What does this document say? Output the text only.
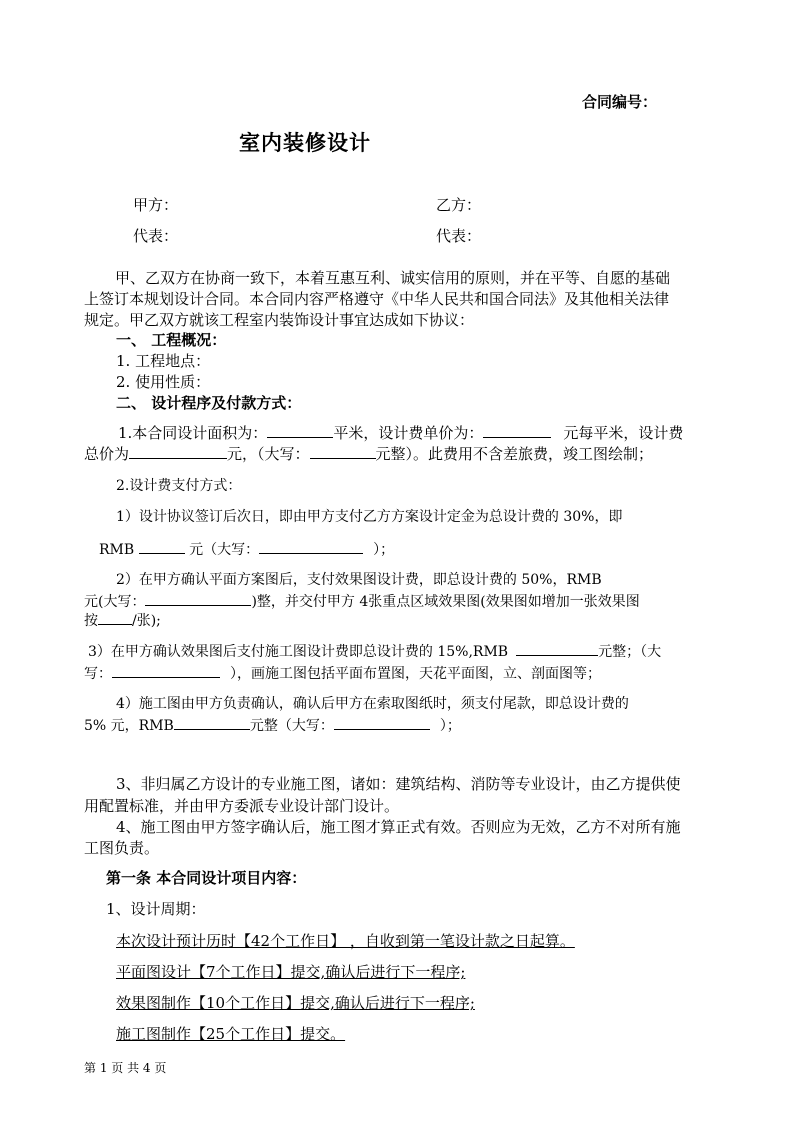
合同编号：
室内装修设计
甲方：	乙方：
代表：	代表：
甲、乙双方在协商一致下，本着互惠互利、诚实信用的原则，并在平等、自愿的基础
上签订本规划设计合同。本合同内容严格遵守《中华人民共和国合同法》及其他相关法律
规定。甲乙双方就该工程室内装饰设计事宜达成如下协议：
一、 工程概况：
1. 工程地点：
2. 使用性质：
二、 设计程序及付款方式：
1.本合同设计面积为：	平米，设计费单价为：	元每平米，设计费
总价为	元，（大写：	元整）。此费用不含差旅费，竣工图绘制；
2.设计费支付方式：
1）设计协议签订后次日，即由甲方支付乙方方案设计定金为总设计费的 30%，即
RMB	元（大写：	）；
2）在甲方确认平面方案图后，支付效果图设计费，即总设计费的 50%，RMB
元(大写：	)整，并交付甲方 4张重点区域效果图(效果图如增加一张效果图
按 /张);
3）在甲方确认效果图后支付施工图设计费即总设计费的 15%,RMB	元整；（大
写：	），画施工图包括平面布置图，天花平面图，立、剖面图等；
4）施工图由甲方负责确认，确认后甲方在索取图纸时，须支付尾款，即总设计费的
5% 元，RMB	元整（大写：	）；
3、非归属乙方设计的专业施工图，诸如：建筑结构、消防等专业设计，由乙方提供使
用配置标准，并由甲方委派专业设计部门设计。
4、施工图由甲方签字确认后，施工图才算正式有效。否则应为无效，乙方不对所有施
工图负责。
第一条 本合同设计项目内容：
1、设计周期：
本次设计预计历时【42个工作日】 ，自收到第一笔设计款之日起算。
平面图设计【7个工作日】提交,确认后进行下一程序;
效果图制作【10个工作日】提交,确认后进行下一程序;
施工图制作【25个工作日】提交。
第 1 页 共 4 页
